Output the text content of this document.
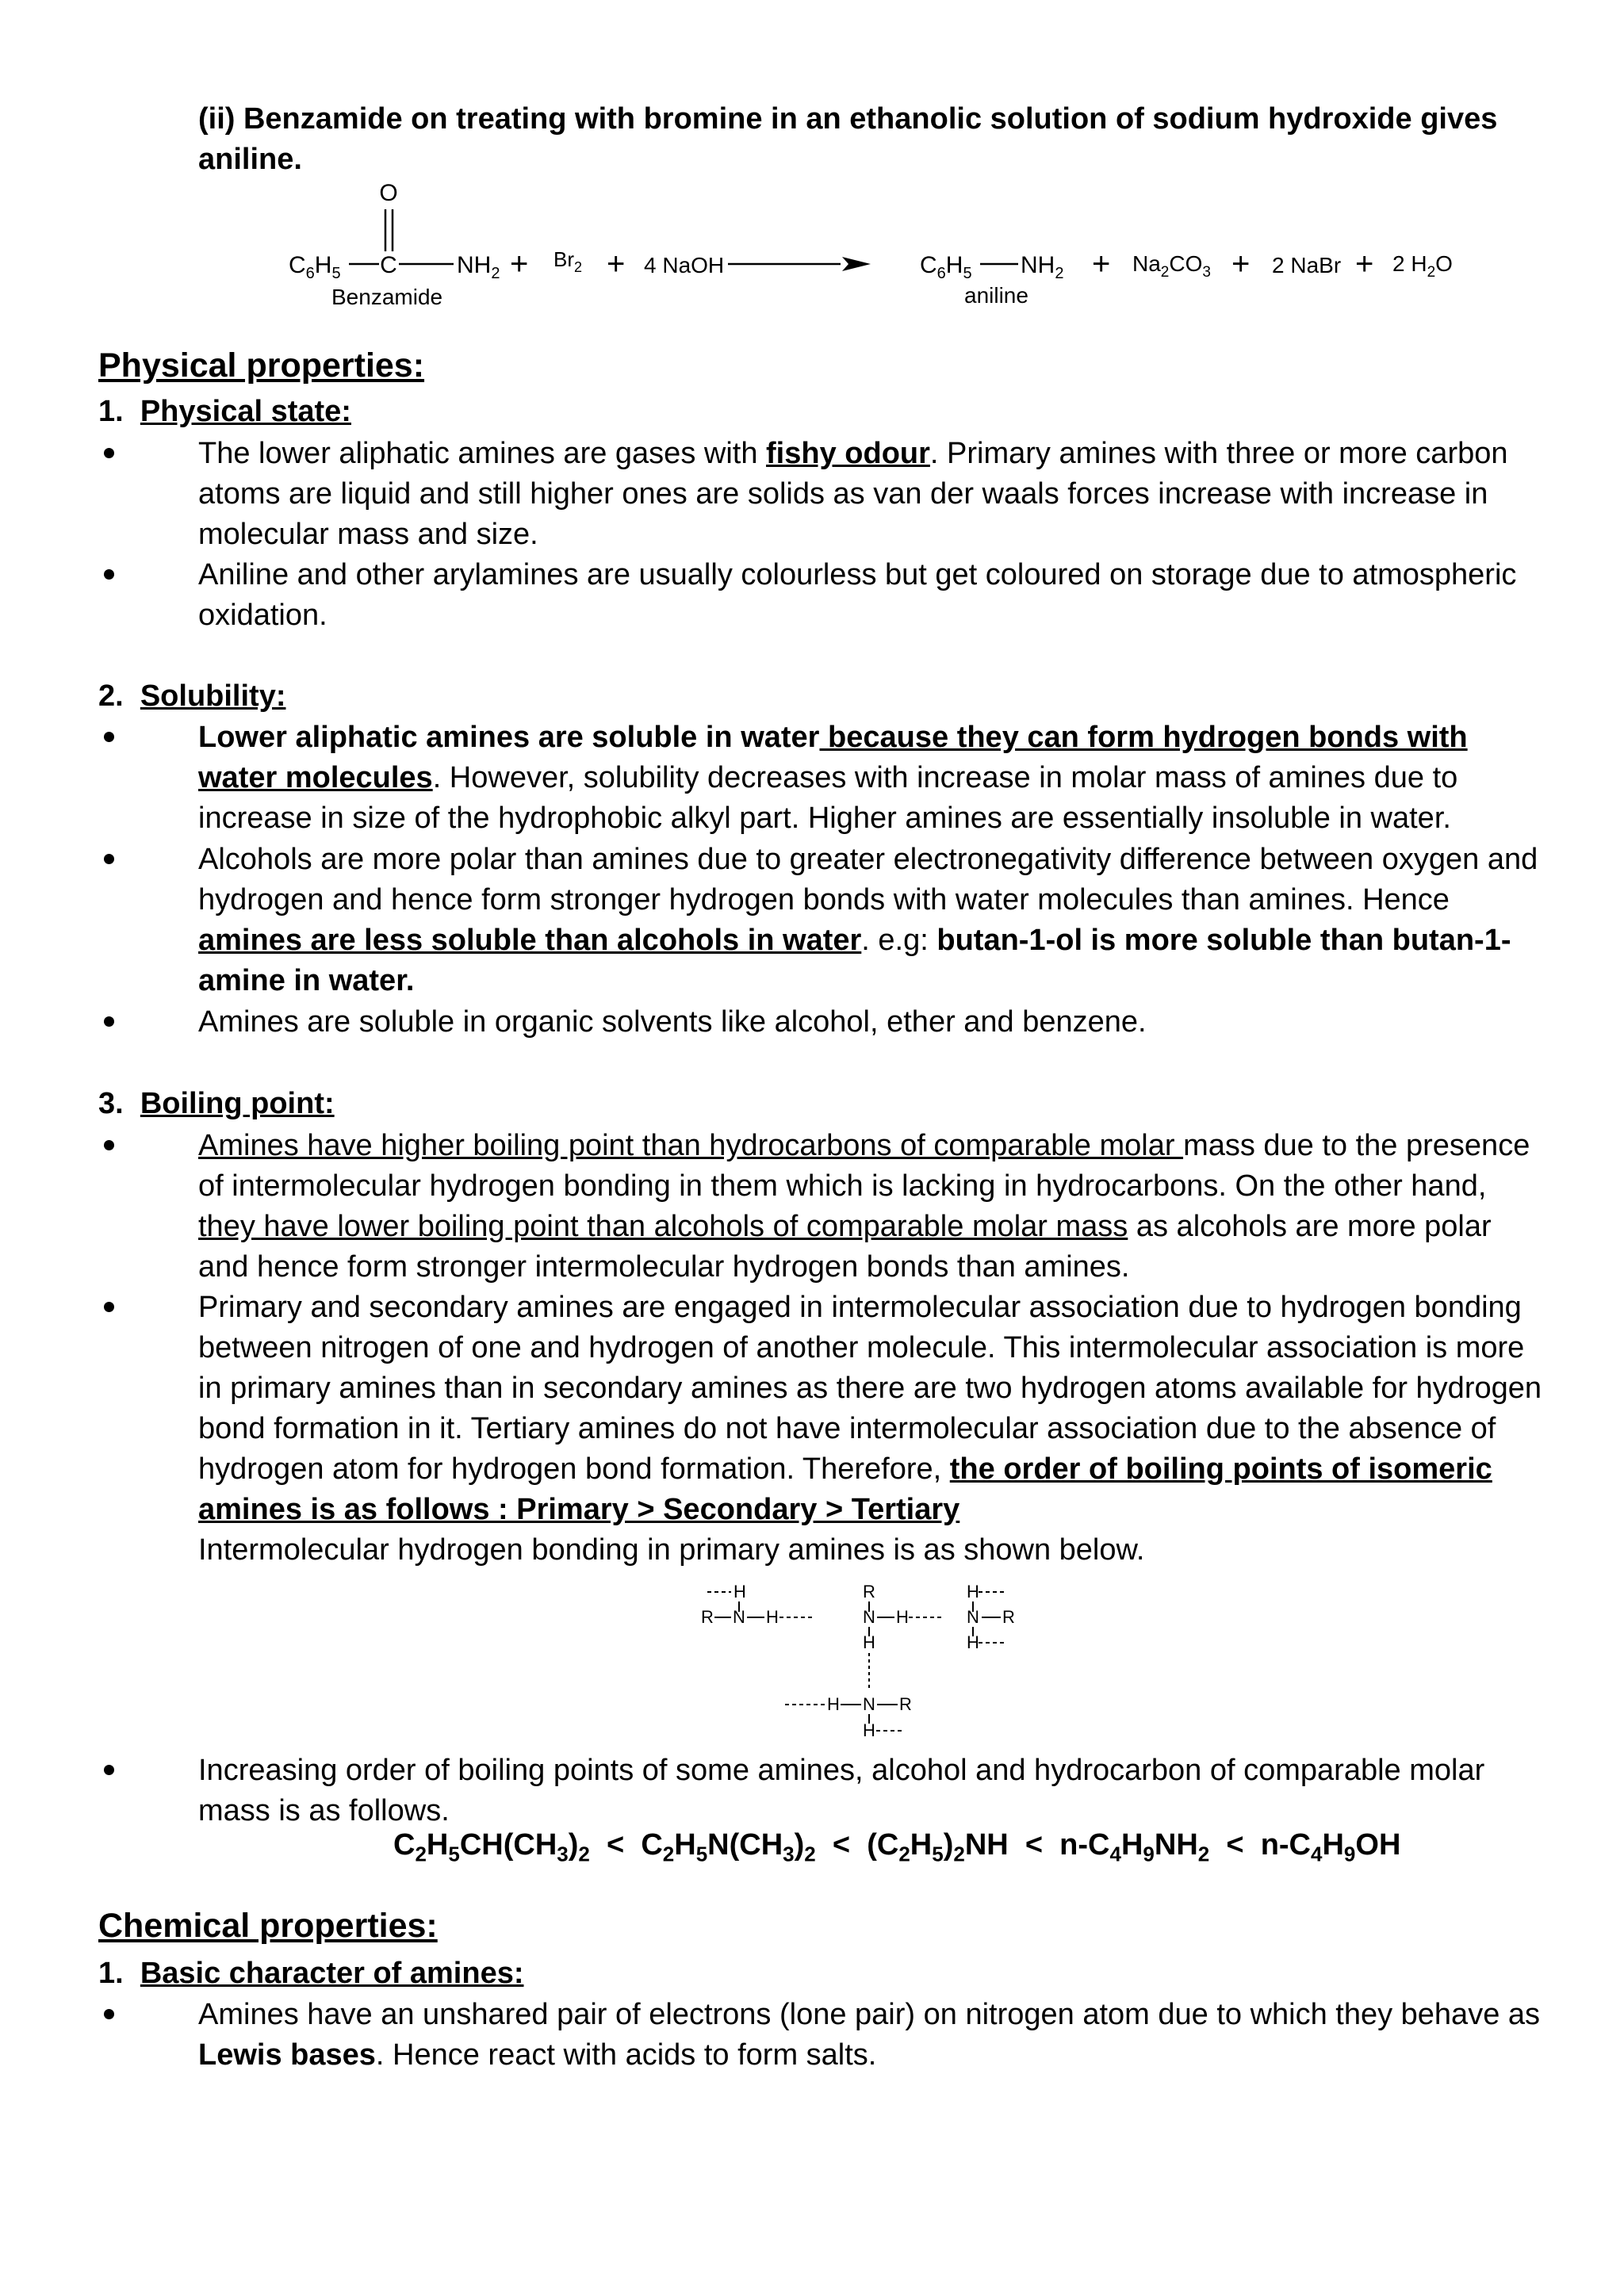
(ii) Benzamide on treating with bromine in an ethanolic solution of sodium hydroxide gives aniline.
O
$C_6H_5$ C	$NH_2 + Br_2 + 4$ NaOH
Benzamide
$C_6H_5$ $NH_2$
aniline
+ $Na_2CO_3 + 2$ NaBr + 2 $H_2O$
Physical properties:
1. Physical state:
The lower aliphatic amines are gases with fishy odour. Primary amines with three or more carbon atoms are liquid and still higher ones are solids as van der waals forces increase with increase in molecular mass and size.
Aniline and other arylamines are usually colourless but get coloured on storage due to atmospheric oxidation.
2. Solubility:
Lower aliphatic amines are soluble in water because they can form hydrogen bonds with water molecules. However, solubility decreases with increase in molar mass of amines due to increase in size of the hydrophobic alkyl part. Higher amines are essentially insoluble in water.
Alcohols are more polar than amines due to greater electronegativity difference between oxygen and hydrogen and hence form stronger hydrogen bonds with water molecules than amines. Hence amines are less soluble than alcohols in water. e.g: butan-1-ol is more soluble than butan-1-amine in water.
Amines are soluble in organic solvents like alcohol, ether and benzene.
3. Boiling point:
Amines have higher boiling point than hydrocarbons of comparable molar mass due to the presence of intermolecular hydrogen bonding in them which is lacking in hydrocarbons. On the other hand, they have lower boiling point than alcohols of comparable molar mass as alcohols are more polar and hence form stronger intermolecular hydrogen bonds than amines.
Primary and secondary amines are engaged in intermolecular association due to hydrogen bonding between nitrogen of one and hydrogen of another molecule. This intermolecular association is more in primary amines than in secondary amines as there are two hydrogen atoms available for hydrogen bond formation in it. Tertiary amines do not have intermolecular association due to the absence of hydrogen atom for hydrogen bond formation. Therefore, the order of boiling points of isomeric amines is as follows : Primary > Secondary > Tertiary
Intermolecular hydrogen bonding in primary amines is as shown below.
H
R N H
R
N H
H
H
N R
H
H N R
H
Increasing order of boiling points of some amines, alcohol and hydrocarbon of comparable molar mass is as follows.
$C_2H_5CH(CH_3)_2 < C_2H_5N(CH_3)_2 < (C_2H_5)_2NH < n-C_4H_9NH_2 < n-C_4H_9OH$
Chemical properties:
1. Basic character of amines:
Amines have an unshared pair of electrons (lone pair) on nitrogen atom due to which they behave as Lewis bases. Hence react with acids to form salts.
